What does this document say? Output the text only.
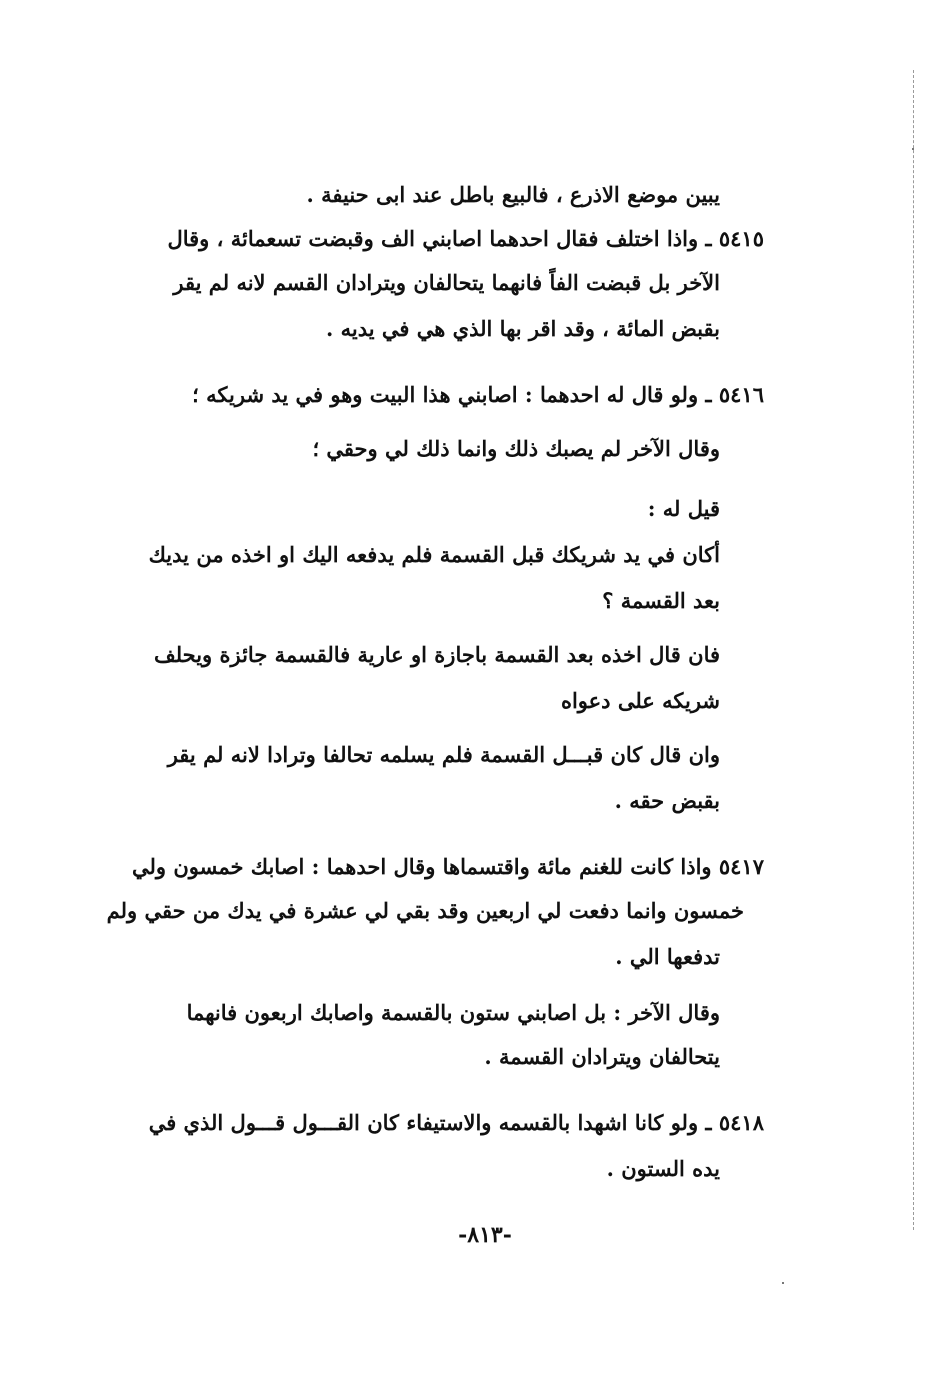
يبين موضع الاذرع ، فالبيع باطل عند ابى حنيفة .
٥٤١٥ ـ واذا اختلف فقال احدهما اصابني الف وقبضت تسعمائة ، وقال
الآخر بل قبضت الفاً فانهما يتحالفان ويترادان القسم لانه لم يقر
بقبض المائة ، وقد اقر بها الذي هي في يديه .
٥٤١٦ ـ ولو قال له احدهما : اصابني هذا البيت وهو في يد شريكه ؛
وقال الآخر لم يصبك ذلك وانما ذلك لي وحقي ؛
قيل له :
أكان في يد شريكك قبل القسمة فلم يدفعه اليك او اخذه من يديك
بعد القسمة ؟
فان قال اخذه بعد القسمة باجازة او عارية فالقسمة جائزة ويحلف
شريكه على دعواه
وان قال كان قبـــل القسمة فلم يسلمه تحالفا وترادا لانه لم يقر
بقبض حقه .
٥٤١٧ واذا كانت للغنم مائة واقتسماها وقال احدهما : اصابك خمسون ولي
خمسون وانما دفعت لي اربعين وقد بقي لي عشرة في يدك من حقي ولم
تدفعها الي .
وقال الآخر : بل اصابني ستون بالقسمة واصابك اربعون فانهما
يتحالفان ويترادان القسمة .
٥٤١٨ ـ ولو كانا اشهدا بالقسمه والاستيفاء كان القـــول قـــول الذي في
يده الستون .
-٨١٣-
